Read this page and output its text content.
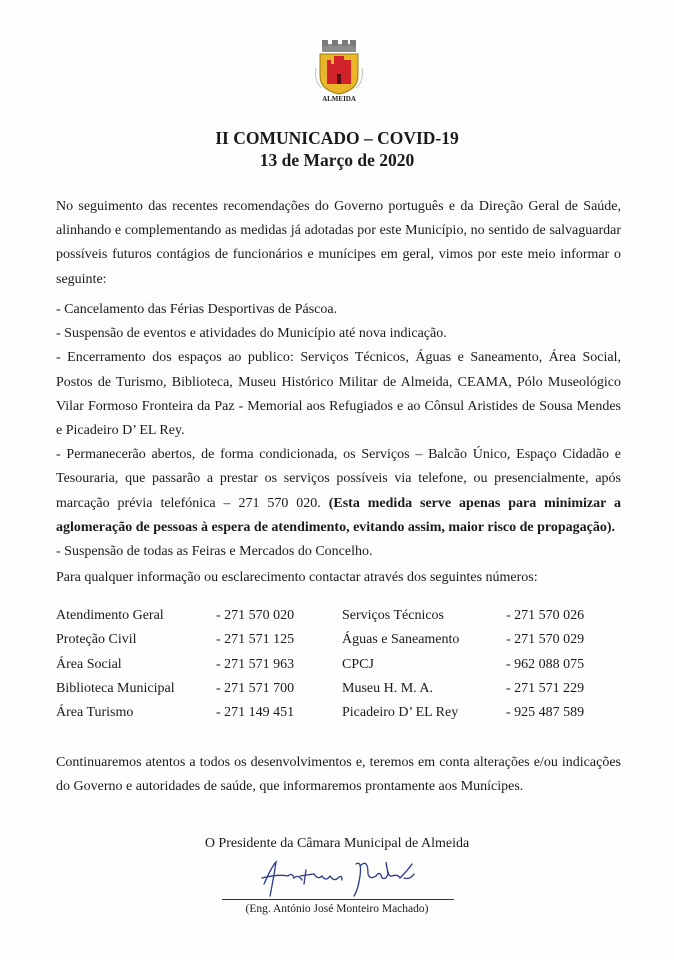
ALMEIDA
II COMUNICADO – COVID-19
13 de Março de 2020
No seguimento das recentes recomendações do Governo português e da Direção Geral de Saúde, alinhando e complementando as medidas já adotadas por este Município, no sentido de salvaguardar possíveis futuros contágios de funcionários e munícipes em geral, vimos por este meio informar o seguinte:

- Cancelamento das Férias Desportivas de Páscoa.

- Suspensão de eventos e atividades do Município até nova indicação.

- Encerramento dos espaços ao publico: Serviços Técnicos, Águas e Saneamento, Área Social, Postos de Turismo, Biblioteca, Museu Histórico Militar de Almeida, CEAMA, Pólo Museológico Vilar Formoso Fronteira da Paz - Memorial aos Refugiados e ao Cônsul Aristides de Sousa Mendes e Picadeiro D’ EL Rey.

- Permanecerão abertos, de forma condicionada, os Serviços – Balcão Único, Espaço Cidadão e Tesouraria, que passarão a prestar os serviços possíveis via telefone, ou presencialmente, após marcação prévia telefónica – 271 570 020. (Esta medida serve apenas para minimizar a aglomeração de pessoas à espera de atendimento, evitando assim, maior risco de propagação).

- Suspensão de todas as Feiras e Mercados do Concelho.

Para qualquer informação ou esclarecimento contactar através dos seguintes números:
Atendimento Geral	- 271 570 020	Serviços Técnicos	- 271 570 026
Proteção Civil	- 271 571 125	Águas e Saneamento	- 271 570 029
Área Social	- 271 571 963	CPCJ	- 962 088 075
Biblioteca Municipal	- 271 571 700	Museu H. M. A.	- 271 571 229
Área Turismo	- 271 149 451	Picadeiro D’ EL Rey	- 925 487 589
Continuaremos atentos a todos os desenvolvimentos e, teremos em conta alterações e/ou indicações do Governo e autoridades de saúde, que informaremos prontamente aos Munícipes.
O Presidente da Câmara Municipal de Almeida
(Eng. António José Monteiro Machado)
